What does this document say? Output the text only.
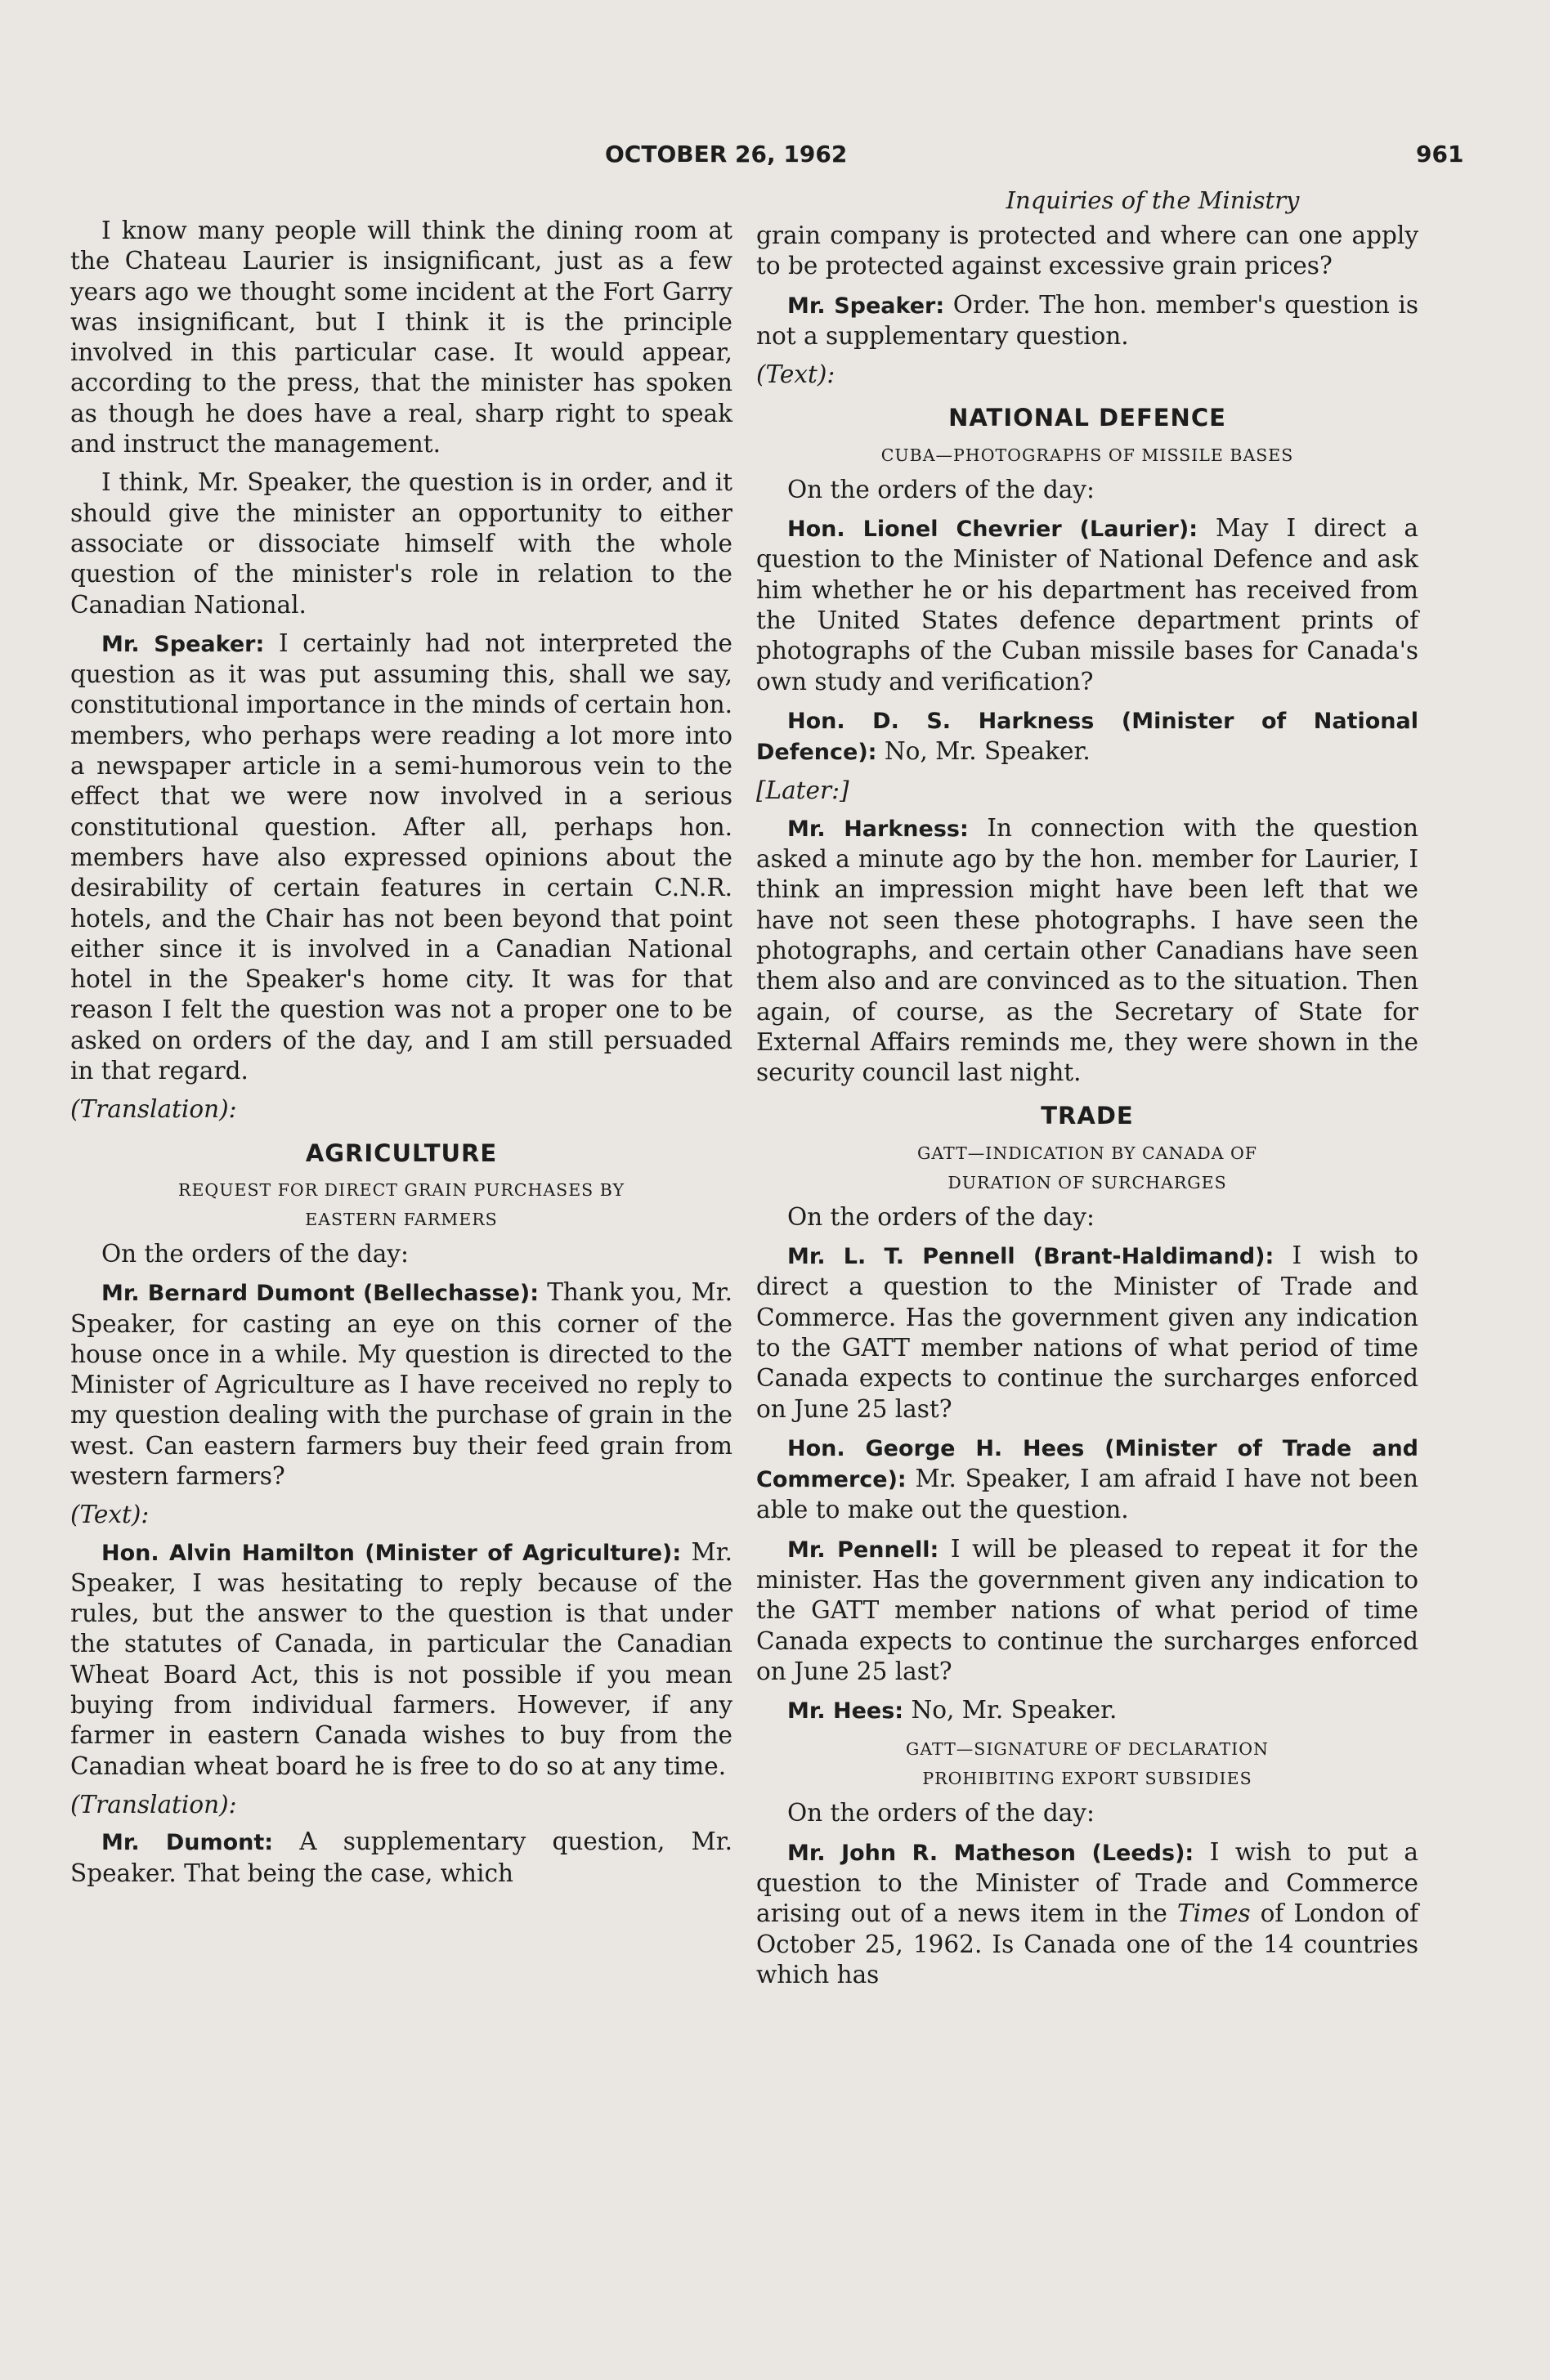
OCTOBER 26, 1962	961
Inquiries of the Ministry

I know many people will think the dining room at the Chateau Laurier is insignificant, just as a few years ago we thought some incident at the Fort Garry was insignificant, but I think it is the principle involved in this particular case. It would appear, according to the press, that the minister has spoken as though he does have a real, sharp right to speak and instruct the management.

I think, Mr. Speaker, the question is in order, and it should give the minister an opportunity to either associate or dissociate himself with the whole question of the minister's role in relation to the Canadian National.

Mr. Speaker: I certainly had not interpreted the question as it was put assuming this, shall we say, constitutional importance in the minds of certain hon. members, who perhaps were reading a lot more into a newspaper article in a semi-humorous vein to the effect that we were now involved in a serious constitutional question. After all, perhaps hon. members have also expressed opinions about the desirability of certain features in certain C.N.R. hotels, and the Chair has not been beyond that point either since it is involved in a Canadian National hotel in the Speaker's home city. It was for that reason I felt the question was not a proper one to be asked on orders of the day, and I am still persuaded in that regard.

(Translation):

AGRICULTURE
REQUEST FOR DIRECT GRAIN PURCHASES BY
EASTERN FARMERS

On the orders of the day:

Mr. Bernard Dumont (Bellechasse): Thank you, Mr. Speaker, for casting an eye on this corner of the house once in a while. My question is directed to the Minister of Agriculture as I have received no reply to my question dealing with the purchase of grain in the west. Can eastern farmers buy their feed grain from western farmers?

(Text):

Hon. Alvin Hamilton (Minister of Agriculture): Mr. Speaker, I was hesitating to reply because of the rules, but the answer to the question is that under the statutes of Canada, in particular the Canadian Wheat Board Act, this is not possible if you mean buying from individual farmers. However, if any farmer in eastern Canada wishes to buy from the Canadian wheat board he is free to do so at any time.

(Translation):

Mr. Dumont: A supplementary question, Mr. Speaker. That being the case, which

grain company is protected and where can one apply to be protected against excessive grain prices?

Mr. Speaker: Order. The hon. member's question is not a supplementary question.

(Text):

NATIONAL DEFENCE
CUBA—PHOTOGRAPHS OF MISSILE BASES

On the orders of the day:

Hon. Lionel Chevrier (Laurier): May I direct a question to the Minister of National Defence and ask him whether he or his department has received from the United States defence department prints of photographs of the Cuban missile bases for Canada's own study and verification?

Hon. D. S. Harkness (Minister of National Defence): No, Mr. Speaker.

[Later:]

Mr. Harkness: In connection with the question asked a minute ago by the hon. member for Laurier, I think an impression might have been left that we have not seen these photographs. I have seen the photographs, and certain other Canadians have seen them also and are convinced as to the situation. Then again, of course, as the Secretary of State for External Affairs reminds me, they were shown in the security council last night.

TRADE
GATT—INDICATION BY CANADA OF
DURATION OF SURCHARGES

On the orders of the day:

Mr. L. T. Pennell (Brant-Haldimand): I wish to direct a question to the Minister of Trade and Commerce. Has the government given any indication to the GATT member nations of what period of time Canada expects to continue the surcharges enforced on June 25 last?

Hon. George H. Hees (Minister of Trade and Commerce): Mr. Speaker, I am afraid I have not been able to make out the question.

Mr. Pennell: I will be pleased to repeat it for the minister. Has the government given any indication to the GATT member nations of what period of time Canada expects to continue the surcharges enforced on June 25 last?

Mr. Hees: No, Mr. Speaker.

GATT—SIGNATURE OF DECLARATION
PROHIBITING EXPORT SUBSIDIES

On the orders of the day:

Mr. John R. Matheson (Leeds): I wish to put a question to the Minister of Trade and Commerce arising out of a news item in the Times of London of October 25, 1962. Is Canada one of the 14 countries which has
